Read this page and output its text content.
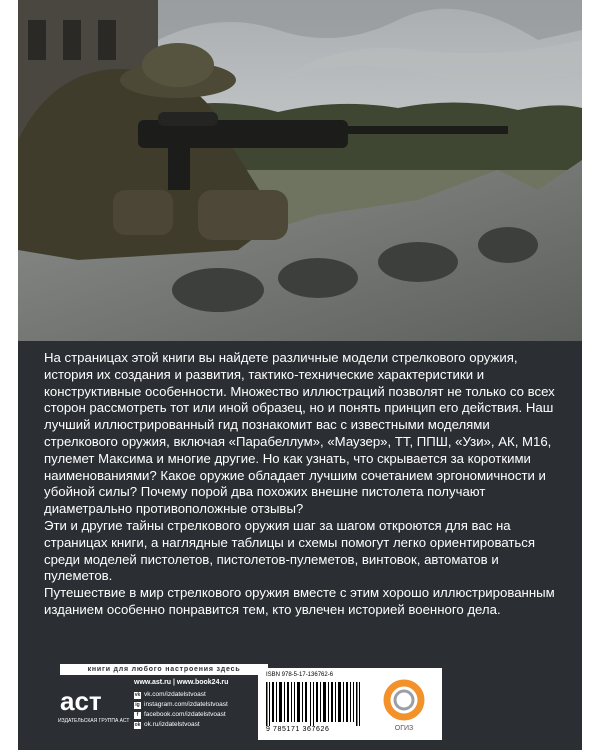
На страницах этой книги вы найдете различные модели стрелкового оружия, история их создания и развития, тактико-технические характеристики и конструктивные особенности. Множество иллюстраций позволят не только со всех сторон рассмотреть тот или иной образец, но и понять принцип его действия. Наш лучший иллюстрированный гид познакомит вас с известными моделями стрелкового оружия, включая «Парабеллум», «Маузер», ТТ, ППШ, «Узи», АК, М16, пулемет Максима и многие другие. Но как узнать, что скрывается за короткими наименованиями? Какое оружие обладает лучшим сочетанием эргономичности и убойной силы? Почему порой два похожих внешне пистолета получают диаметрально противоположные отзывы?

Эти и другие тайны стрелкового оружия шаг за шагом откроются для вас на страницах книги, а наглядные таблицы и схемы помогут легко ориентироваться среди моделей пистолетов, пистолетов-пулеметов, винтовок, автоматов и пулеметов.

Путешествие в мир стрелкового оружия вместе с этим хорошо иллюстрированным изданием особенно понравится тем, кто увлечен историей военного дела.

книги для любого настроения здесь
аст
ИЗДАТЕЛЬСКАЯ ГРУППА АСТ
www.ast.ru | www.book24.ru
vk vk.com/izdatelstvoast
ig instagram.com/izdatelstvoast
f facebook.com/izdatelstvoast
ok ok.ru/izdatelstvoast
ISBN 978-5-17-136762-6
9 785171 367626	ОГИЗ
